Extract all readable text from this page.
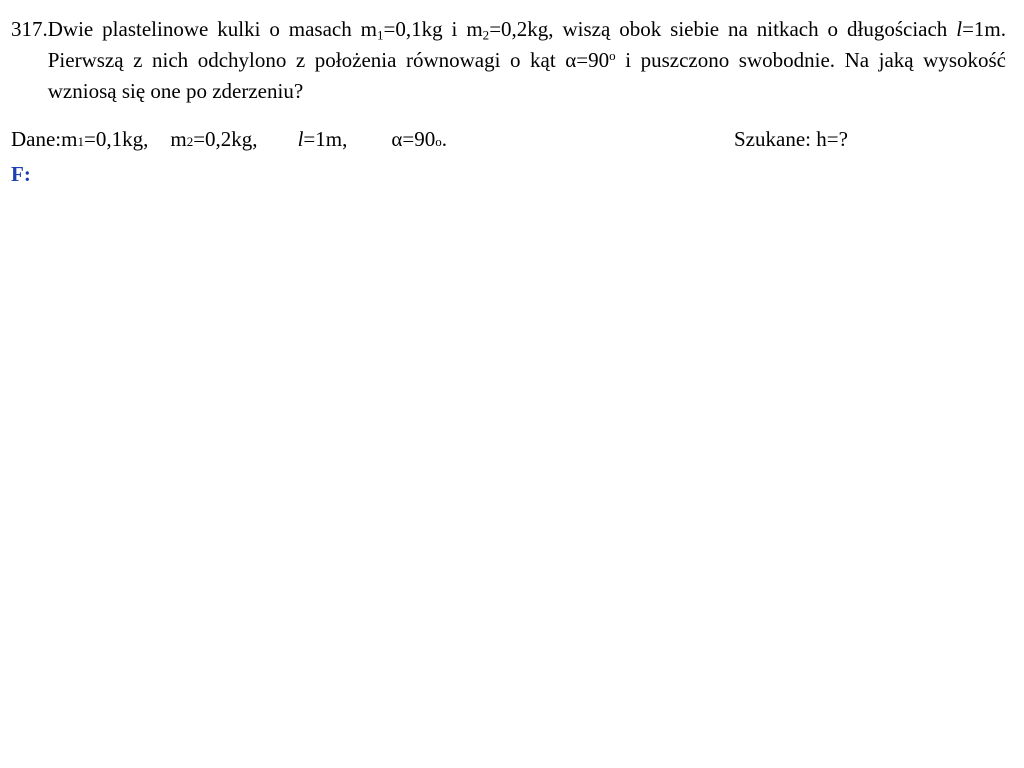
317. Dwie plastelinowe kulki o masach $m_1=0,1kg$ i $m_2=0,2kg$, wiszą obok siebie na nitkach o długościach l=1m. Pierwszą z nich odchylono z położenia równowagi o kąt $\alpha=90^o$ i puszczono swobodnie. Na jaką wysokość wzniosą się one po zderzeniu?
Dane: m 1 =0,1kg, m 2 =0,2kg, l =1m, α =90 o .	Szukane: h=?
F:
